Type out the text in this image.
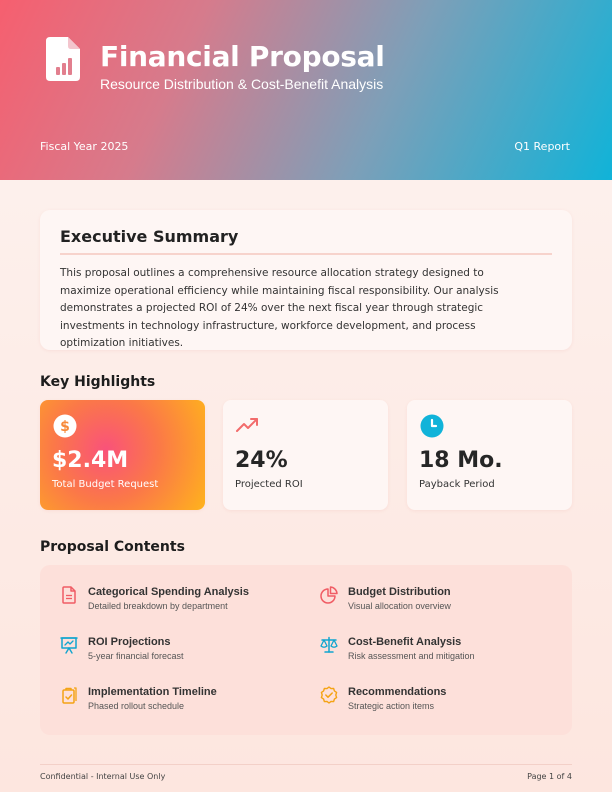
Financial Proposal
Resource Distribution & Cost-Benefit Analysis
Fiscal Year 2025	Q1 Report
Executive Summary
This proposal outlines a comprehensive resource allocation strategy designed to maximize operational efficiency while maintaining fiscal responsibility. Our analysis demonstrates a projected ROI of 24% over the next fiscal year through strategic investments in technology infrastructure, workforce development, and process optimization initiatives.
Key Highlights
$
$2.4M
Total Budget Request
24%
Projected ROI
18 Mo.
Payback Period
Proposal Contents
Categorical Spending Analysis
Detailed breakdown by department
Budget Distribution
Visual allocation overview
ROI Projections
5-year financial forecast
Cost-Benefit Analysis
Risk assessment and mitigation
Implementation Timeline
Phased rollout schedule
Recommendations
Strategic action items
Confidential - Internal Use Only	Page 1 of 4
